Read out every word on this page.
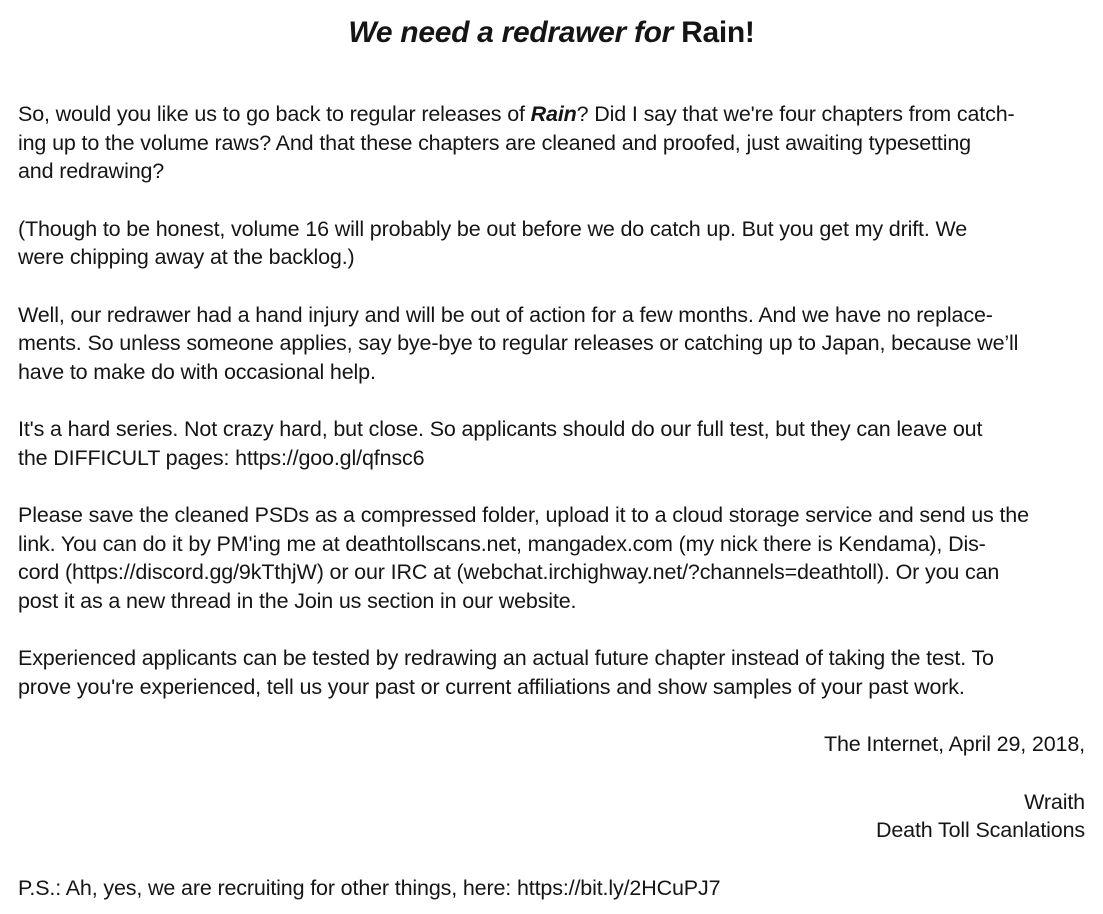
We need a redrawer for Rain!
So, would you like us to go back to regular releases of Rain? Did I say that we're four chapters from catch-
ing up to the volume raws? And that these chapters are cleaned and proofed, just awaiting typesetting
and redrawing?
(Though to be honest, volume 16 will probably be out before we do catch up. But you get my drift. We
were chipping away at the backlog.)
Well, our redrawer had a hand injury and will be out of action for a few months. And we have no replace-
ments. So unless someone applies, say bye-bye to regular releases or catching up to Japan, because we’ll
have to make do with occasional help.
It's a hard series. Not crazy hard, but close. So applicants should do our full test, but they can leave out
the DIFFICULT pages: https://goo.gl/qfnsc6
Please save the cleaned PSDs as a compressed folder, upload it to a cloud storage service and send us the
link. You can do it by PM'ing me at deathtollscans.net, mangadex.com (my nick there is Kendama), Dis-
cord (https://discord.gg/9kTthjW) or our IRC at (webchat.irchighway.net/?channels=deathtoll). Or you can
post it as a new thread in the Join us section in our website.
Experienced applicants can be tested by redrawing an actual future chapter instead of taking the test. To
prove you're experienced, tell us your past or current affiliations and show samples of your past work.
The Internet, April 29, 2018,
Wraith
Death Toll Scanlations
P.S.: Ah, yes, we are recruiting for other things, here: https://bit.ly/2HCuPJ7
